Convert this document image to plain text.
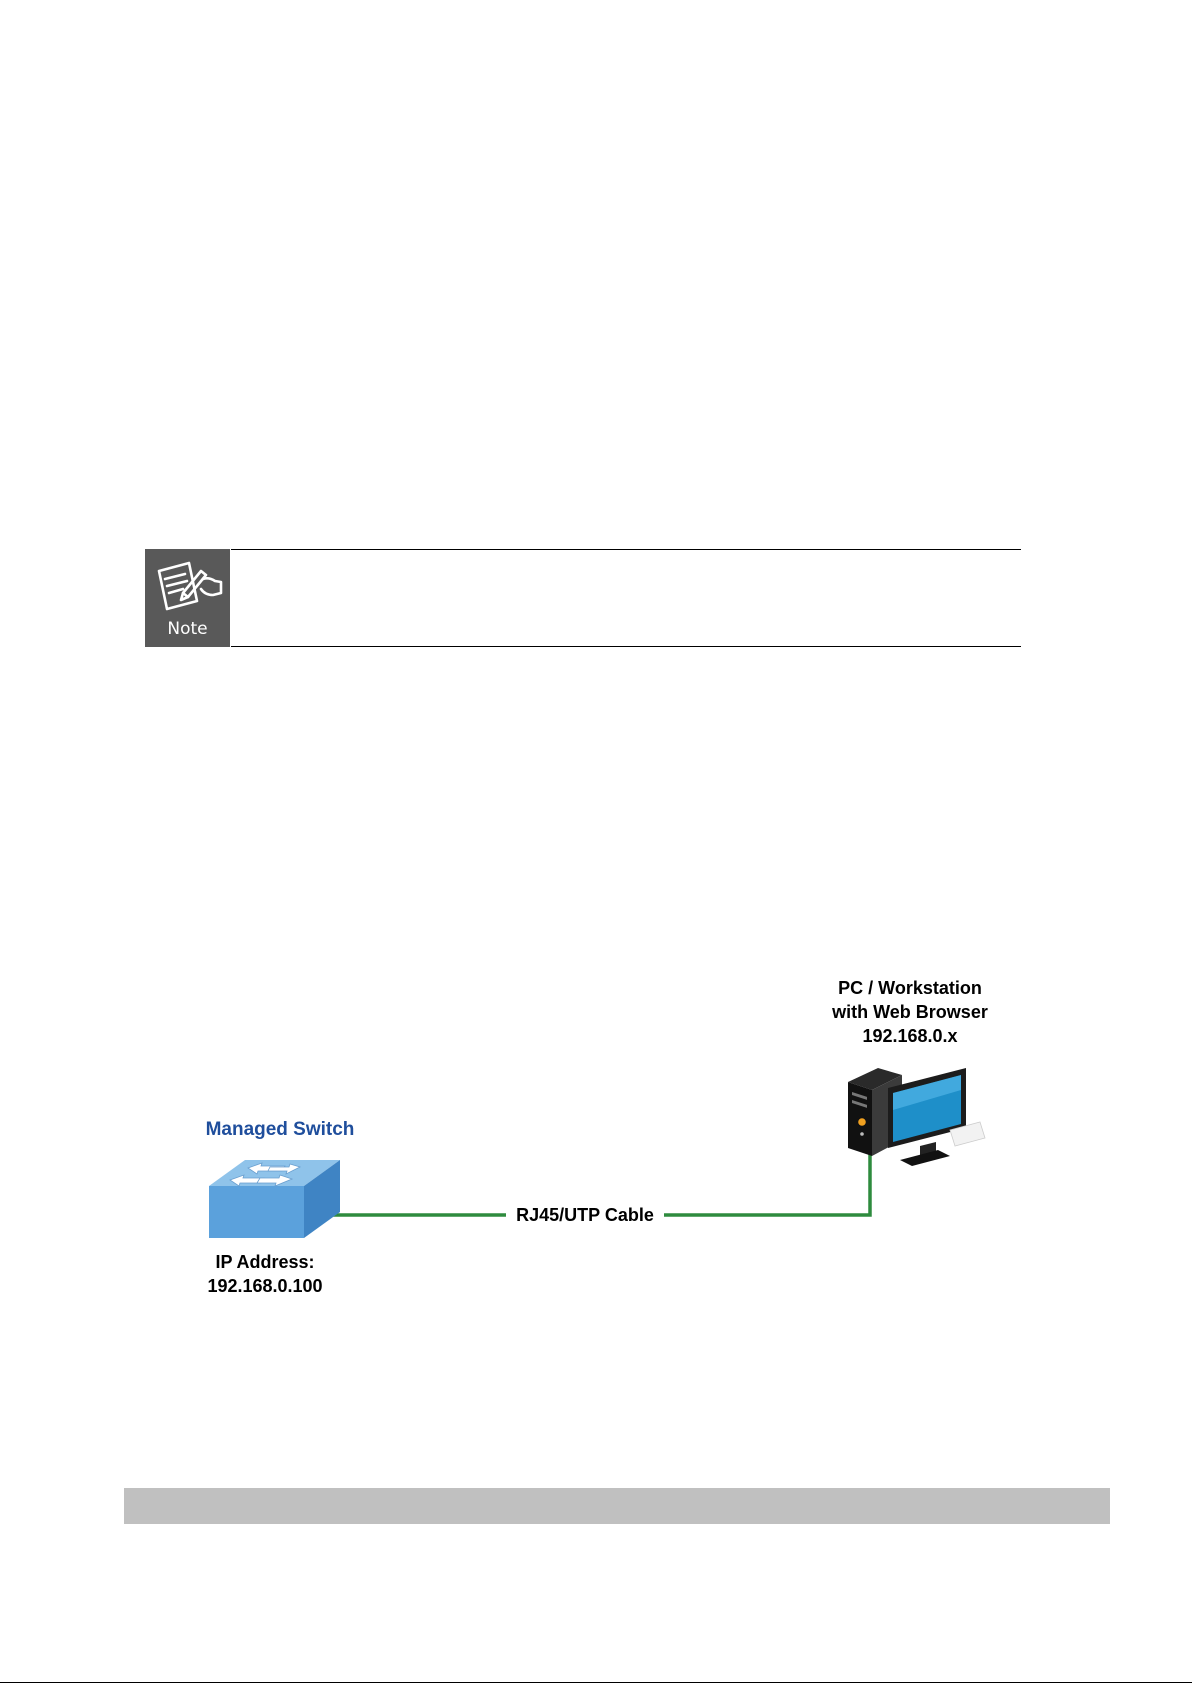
Note
Managed Switch
IP Address:
192.168.0.100
RJ45/UTP Cable
PC / Workstation
with Web Browser
192.168.0.x
